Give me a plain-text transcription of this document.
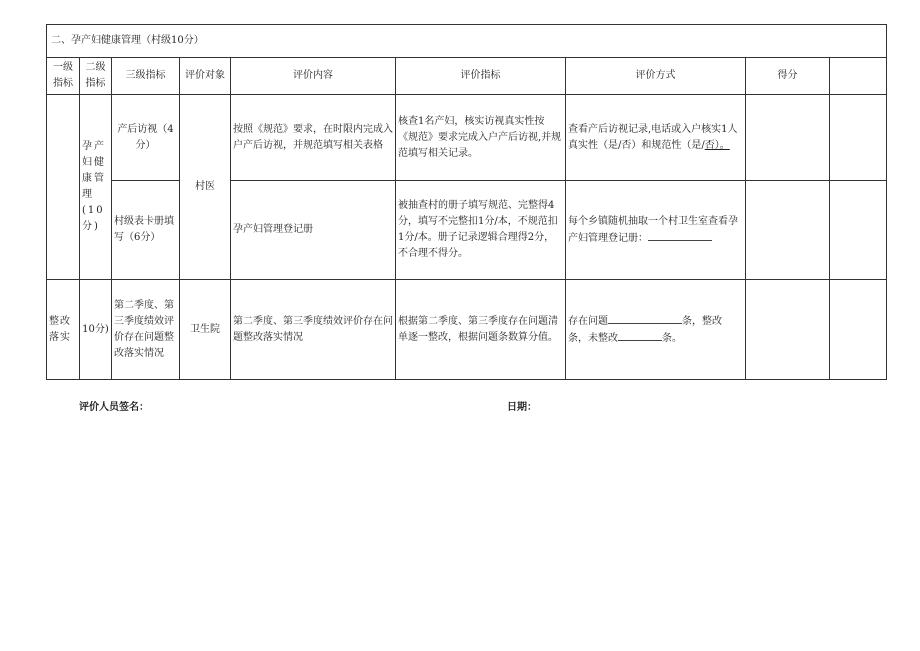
二、孕产妇健康管理（村级10分）								

一级
指标	二级
指标	三级指标	评价对象	评价内容	评价指标	评价方式	得分	
	孕产妇健康管理(10分)	产后访视（4分）	村医	按照《规范》要求，在时限内完成入户产后访视，并规范填写相关表格	核查1名产妇，核实访视真实性按《规范》要求完成入户产后访视,并规范填写相关记录。	查看产后访视记录,电话或入户核实1人真实性（是/否）和规范性（是/否）。		
		村级表卡册填写（6分）		孕产妇管理登记册	被抽查村的册子填写规范、完整得4分，填写不完整扣1分/本，不规范扣1分/本。册子记录逻辑合理得2分，不合理不得分。	每个乡镇随机抽取一个村卫生室查看孕产妇管理登记册：		
整改落实	10分)	第二季度、第三季度绩效评价存在问题整改落实情况	卫生院	第二季度、第三季度绩效评价存在问题整改落实情况	根据第二季度、第三季度存在问题清单逐一整改，根据问题条数算分值。	存在问题 条，整改
条，未整改 条。		
评价人员签名：	日期：
